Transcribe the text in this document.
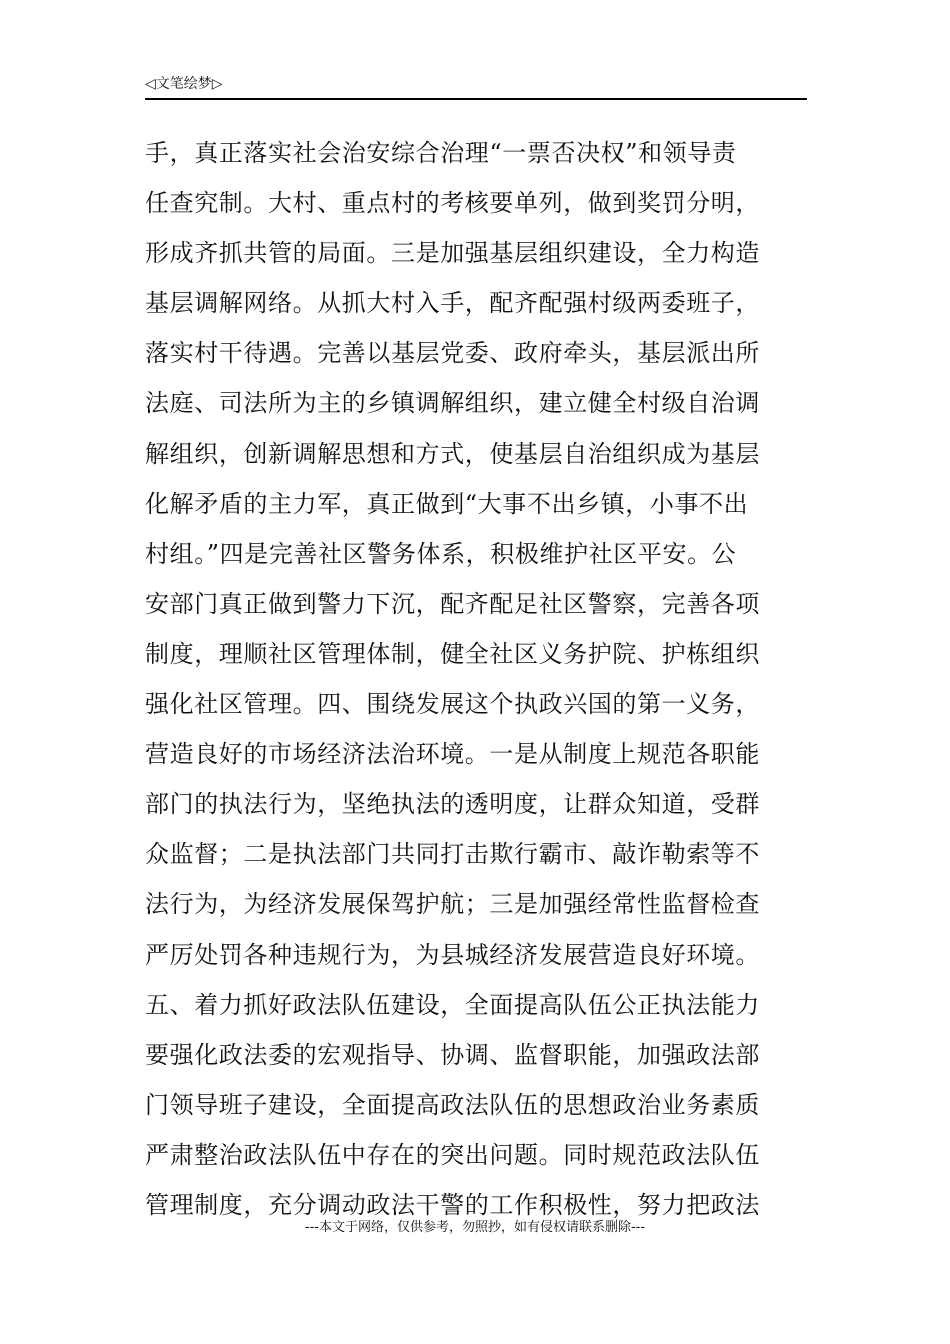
◁文笔绘梦▷
手，真正落实社会治安综合治理“一票否决权”和领导责
任查究制。大村、重点村的考核要单列，做到奖罚分明，
形成齐抓共管的局面。三是加强基层组织建设，全力构造
基层调解网络。从抓大村入手，配齐配强村级两委班子，
落实村干待遇。完善以基层党委、政府牵头，基层派出所
法庭、司法所为主的乡镇调解组织，建立健全村级自治调
解组织，创新调解思想和方式，使基层自治组织成为基层
化解矛盾的主力军，真正做到“大事不出乡镇，小事不出
村组。”四是完善社区警务体系，积极维护社区平安。公
安部门真正做到警力下沉，配齐配足社区警察，完善各项
制度，理顺社区管理体制，健全社区义务护院、护栋组织
强化社区管理。四、围绕发展这个执政兴国的第一义务，
营造良好的市场经济法治环境。一是从制度上规范各职能
部门的执法行为，坚绝执法的透明度，让群众知道，受群
众监督；二是执法部门共同打击欺行霸市、敲诈勒索等不
法行为，为经济发展保驾护航；三是加强经常性监督检查
严厉处罚各种违规行为，为县城经济发展营造良好环境。
五、着力抓好政法队伍建设，全面提高队伍公正执法能力
要强化政法委的宏观指导、协调、监督职能，加强政法部
门领导班子建设，全面提高政法队伍的思想政治业务素质
严肃整治政法队伍中存在的突出问题。同时规范政法队伍
管理制度，充分调动政法干警的工作积极性，努力把政法
---本文于网络，仅供参考，勿照抄，如有侵权请联系删除---
